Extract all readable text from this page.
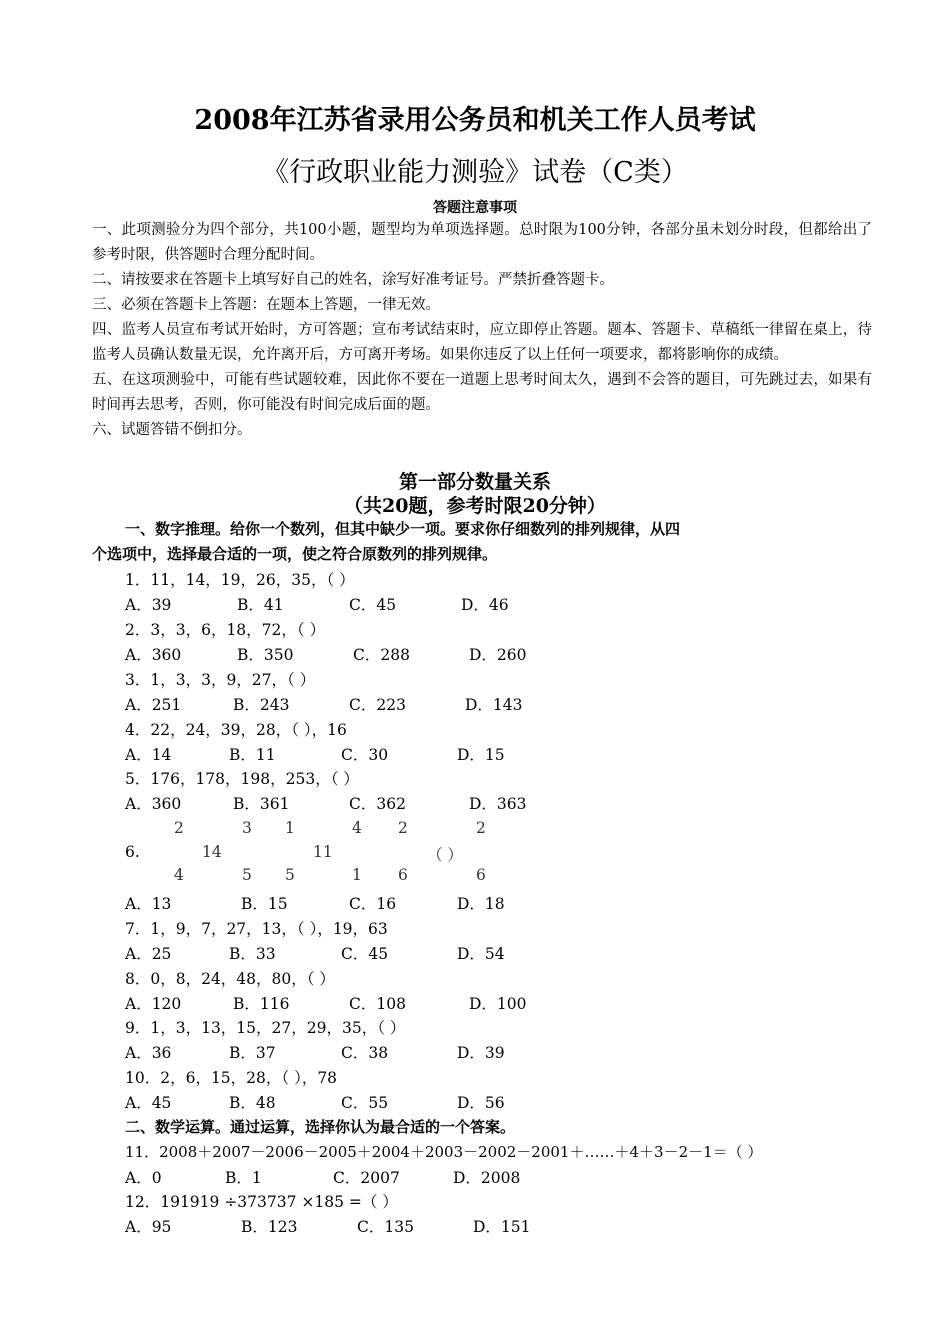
2008年江苏省录用公务员和机关工作人员考试
《行政职业能力测验》试卷（C类）
答题注意事项

一、此项测验分为四个部分，共100小题，题型均为单项选择题。总时限为100分钟，各部分虽未划分时段，但都给出了参考时限，供答题时合理分配时间。

二、请按要求在答题卡上填写好自己的姓名，涂写好准考证号。严禁折叠答题卡。

三、必须在答题卡上答题：在题本上答题，一律无效。

四、监考人员宣布考试开始时，方可答题；宣布考试结束时，应立即停止答题。题本、答题卡、草稿纸一律留在桌上，待监考人员确认数量无误，允许离开后，方可离开考场。如果你违反了以上任何一项要求，都将影响你的成绩。

五、在这项测验中，可能有些试题较难，因此你不要在一道题上思考时间太久，遇到不会答的题目，可先跳过去，如果有时间再去思考，否则，你可能没有时间完成后面的题。

六、试题答错不倒扣分。

第一部分数量关系
（共20题，参考时限20分钟）
一、数字推理。给你一个数列，但其中缺少一项。要求你仔细数列的排列规律，从四
个选项中，选择最合适的一项，使之符合原数列的排列规律。
1．11，14，19，26，35，（ ）
A．39	B．41	C．45	D．46
2．3，3，6，18，72，（ ）
A．360	B．350	C．288	D．260
3．1，3，3，9，27，（ ）
A．251	B．243	C．223	D．143
4．22，24，39，28，（ ），16
A．14	B．11	C．30	D．15
5．176，178，198，253，（ ）
A．360	B．361	C．362	D．363
2	3 1	4 2	2
6.	14	11	（ ）
4	5 5	1 6	6
A．13	B．15	C．16	D．18
7．1，9，7，27，13，（ ），19，63
A．25	B．33	C．45	D．54
8．0，8，24，48，80，（ ）
A．120	B．116	C．108	D．100
9．1，3，13，15，27，29，35，（ ）
A．36	B．37	C．38	D．39
10．2，6，15，28，（ ），78
A．45	B．48	C．55	D．56
二、数学运算。通过运算，选择你认为最合适的一个答案。
11．2008＋2007－2006－2005＋2004＋2003－2002－2001＋……＋4＋3－2－1＝（ ）
A．0	B．1	C．2007	D．2008
12．191919 ÷373737 ×185 =（ ）
A．95	B．123	C．135	D．151
